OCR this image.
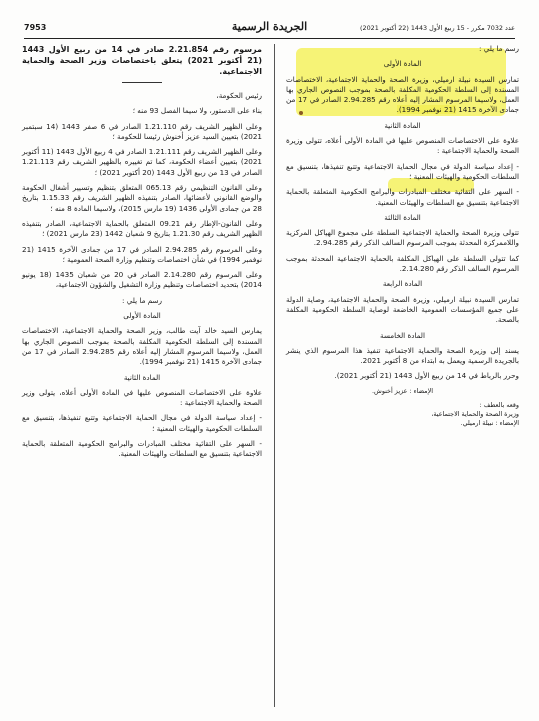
7953	الجريدة الرسمية	عدد 7032 مكرر - 15 ربيع الأول 1443 (22 أكتوبر 2021)
مرسوم رقم 2.21.854 صادر في 14 من ربيع الأول 1443 (21 أكتوبر 2021) يتعلق باختصاصات وزير الصحة والحماية الاجتماعية.
رئيس الحكومة،
بناء على الدستور، ولا سيما الفصل 93 منه ؛
وعلى الظهير الشريف رقم 1.21.110 الصادر في 6 صفر 1443 (14 سبتمبر 2021) بتعيين السيد عزيز أخنوش رئيسا للحكومة ؛
وعلى الظهير الشريف رقم 1.21.111 الصادر في 4 ربيع الأول 1443 (11 أكتوبر 2021) بتعيين أعضاء الحكومة، كما تم تغييره بالظهير الشريف رقم 1.21.113 الصادر في 13 من ربيع الأول 1443 (20 أكتوبر 2021) ؛
وعلى القانون التنظيمي رقم 065.13 المتعلق بتنظيم وتسيير أشغال الحكومة والوضع القانوني لأعضائها، الصادر بتنفيذه الظهير الشريف رقم 1.15.33 بتاريخ 28 من جمادى الأولى 1436 (19 مارس 2015)، ولاسيما المادة 8 منه ؛
وعلى القانون-الإطار رقم 09.21 المتعلق بالحماية الاجتماعية، الصادر بتنفيذه الظهير الشريف رقم 1.21.30 بتاريخ 9 شعبان 1442 (23 مارس 2021) ؛
وعلى المرسوم رقم 2.94.285 الصادر في 17 من جمادى الآخرة 1415 (21 نوفمبر 1994) في شأن اختصاصات وتنظيم وزارة الصحة العمومية ؛
وعلى المرسوم رقم 2.14.280 الصادر في 20 من شعبان 1435 (18 يونيو 2014) بتحديد اختصاصات وتنظيم وزارة التشغيل والشؤون الاجتماعية،
رسم ما يلي :
المادة الأولى
يمارس السيد خالد آيت طالب، وزير الصحة والحماية الاجتماعية، الاختصاصات المسندة إلى السلطة الحكومية المكلفة بالصحة بموجب النصوص الجاري بها العمل، ولاسيما المرسوم المشار إليه أعلاه رقم 2.94.285 الصادر في 17 من جمادى الآخرة 1415 (21 نوفمبر 1994).
المادة الثانية
علاوة على الاختصاصات المنصوص عليها في المادة الأولى أعلاه، يتولى وزير الصحة والحماية الاجتماعية :
- إعداد سياسة الدولة في مجال الحماية الاجتماعية وتتبع تنفيذها، بتنسيق مع السلطات الحكومية والهيئات المعنية ؛
- السهر على التقائية مختلف المبادرات والبرامج الحكومية المتعلقة بالحماية الاجتماعية بتنسيق مع السلطات والهيئات المعنية.
رسم ما يلي :
المادة الأولى
تمارس السيدة نبيلة ارميلي، وزيرة الصحة والحماية الاجتماعية، الاختصاصات المسندة إلى السلطة الحكومية المكلفة بالصحة بموجب النصوص الجاري بها العمل، ولاسيما المرسوم المشار إليه أعلاه رقم 2.94.285 الصادر في 17 من جمادى الآخرة 1415 (21 نوفمبر 1994).
المادة الثانية
علاوة على الاختصاصات المنصوص عليها في المادة الأولى أعلاه، تتولى وزيرة الصحة والحماية الاجتماعية :
- إعداد سياسة الدولة في مجال الحماية الاجتماعية وتتبع تنفيذها، بتنسيق مع السلطات الحكومية والهيئات المعنية ؛
- السهر على التقائية مختلف المبادرات والبرامج الحكومية المتعلقة بالحماية الاجتماعية بتنسيق مع السلطات والهيئات المعنية.
المادة الثالثة
تتولى وزيرة الصحة والحماية الاجتماعية السلطة على مجموع الهياكل المركزية واللاممركزة المحدثة بموجب المرسوم السالف الذكر رقم 2.94.285.
كما تتولى السلطة على الهياكل المكلفة بالحماية الاجتماعية المحدثة بموجب المرسوم السالف الذكر رقم 2.14.280.
المادة الرابعة
تمارس السيدة نبيلة ارميلي، وزيرة الصحة والحماية الاجتماعية، وصاية الدولة على جميع المؤسسات العمومية الخاضعة لوصاية السلطة الحكومية المكلفة بالصحة.
المادة الخامسة
يسند إلى وزيرة الصحة والحماية الاجتماعية تنفيذ هذا المرسوم الذي ينشر بالجريدة الرسمية ويعمل به ابتداء من 8 أكتوبر 2021.
وحرر بالرباط في 14 من ربيع الأول 1443 (21 أكتوبر 2021).
الإمضاء : عزيز أخنوش.
وقعه بالعطف :
وزيرة الصحة والحماية الاجتماعية،
الإمضاء : نبيلة ارميلي.
